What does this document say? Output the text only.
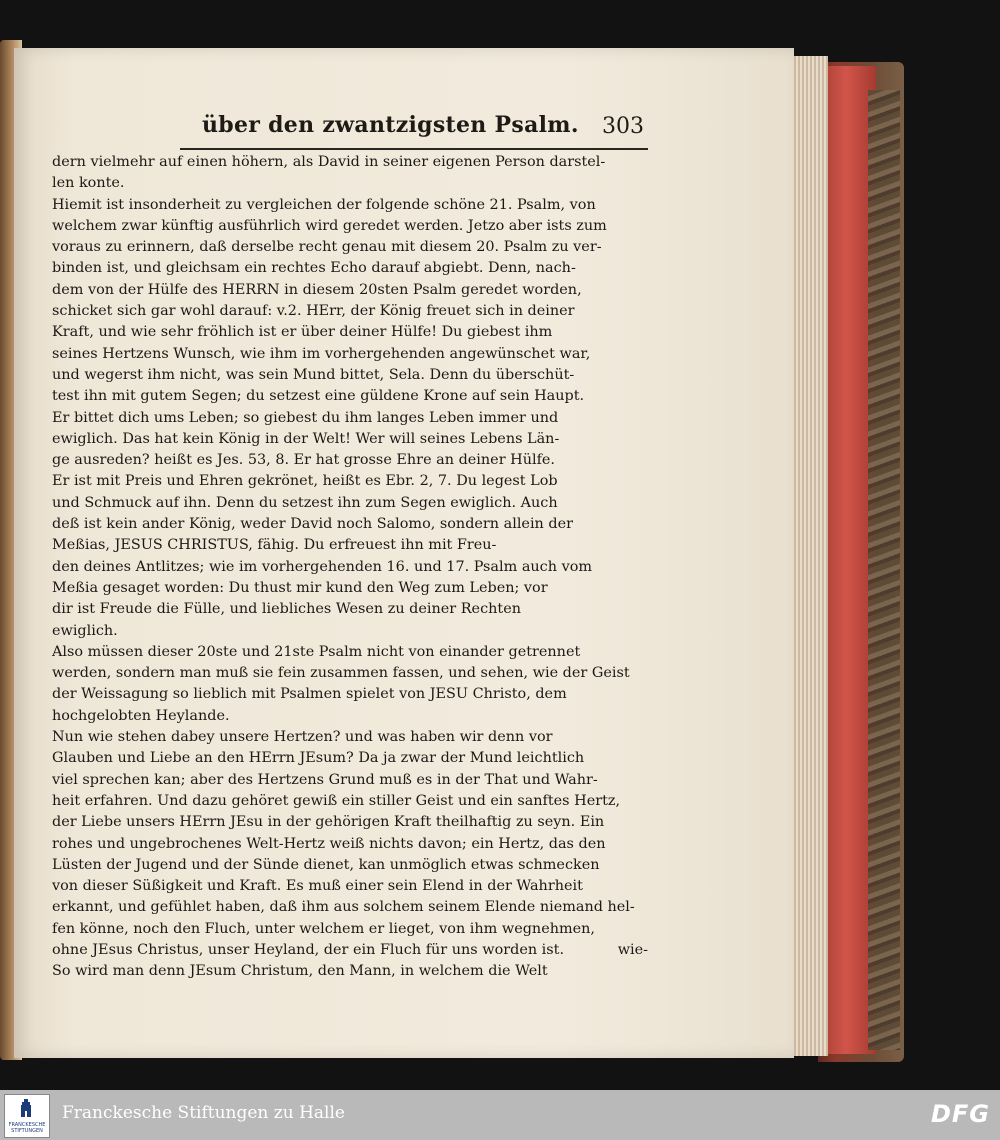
über den zwantzigsten Psalm. 303
dern vielmehr auf einen höhern, als David in seiner eigenen Person darstel-
len konte.
Hiemit ist insonderheit zu vergleichen der folgende schöne 21. Psalm, von
welchem zwar künftig ausführlich wird geredet werden. Jetzo aber ists zum
voraus zu erinnern, daß derselbe recht genau mit diesem 20. Psalm zu ver-
binden ist, und gleichsam ein rechtes Echo darauf abgiebt. Denn, nach-
dem von der Hülfe des HERRN in diesem 20sten Psalm geredet worden,
schicket sich gar wohl darauf: v.2. HErr, der König freuet sich in deiner
Kraft, und wie sehr fröhlich ist er über deiner Hülfe! Du giebest ihm
seines Hertzens Wunsch, wie ihm im vorhergehenden angewünschet war,
und wegerst ihm nicht, was sein Mund bittet, Sela. Denn du überschüt-
test ihn mit gutem Segen; du setzest eine güldene Krone auf sein Haupt.
Er bittet dich ums Leben; so giebest du ihm langes Leben immer und
ewiglich. Das hat kein König in der Welt! Wer will seines Lebens Län-
ge ausreden? heißt es Jes. 53, 8. Er hat grosse Ehre an deiner Hülfe.
Er ist mit Preis und Ehren gekrönet, heißt es Ebr. 2, 7. Du legest Lob
und Schmuck auf ihn. Denn du setzest ihn zum Segen ewiglich. Auch
deß ist kein ander König, weder David noch Salomo, sondern allein der
Meßias, JESUS CHRISTUS, fähig. Du erfreuest ihn mit Freu-
den deines Antlitzes; wie im vorhergehenden 16. und 17. Psalm auch vom
Meßia gesaget worden: Du thust mir kund den Weg zum Leben; vor
dir ist Freude die Fülle, und liebliches Wesen zu deiner Rechten
ewiglich.
Also müssen dieser 20ste und 21ste Psalm nicht von einander getrennet
werden, sondern man muß sie fein zusammen fassen, und sehen, wie der Geist
der Weissagung so lieblich mit Psalmen spielet von JESU Christo, dem
hochgelobten Heylande.
Nun wie stehen dabey unsere Hertzen? und was haben wir denn vor
Glauben und Liebe an den HErrn JEsum? Da ja zwar der Mund leichtlich
viel sprechen kan; aber des Hertzens Grund muß es in der That und Wahr-
heit erfahren. Und dazu gehöret gewiß ein stiller Geist und ein sanftes Hertz,
der Liebe unsers HErrn JEsu in der gehörigen Kraft theilhaftig zu seyn. Ein
rohes und ungebrochenes Welt-Hertz weiß nichts davon; ein Hertz, das den
Lüsten der Jugend und der Sünde dienet, kan unmöglich etwas schmecken
von dieser Süßigkeit und Kraft. Es muß einer sein Elend in der Wahrheit
erkannt, und gefühlet haben, daß ihm aus solchem seinem Elende niemand hel-
fen könne, noch den Fluch, unter welchem er lieget, von ihm wegnehmen,
ohne JEsus Christus, unser Heyland, der ein Fluch für uns worden ist.
So wird man denn JEsum Christum, den Mann, in welchem die Welt
wie-
FRANCKESCHE STIFTUNGEN
Franckesche Stiftungen zu Halle	DFG
